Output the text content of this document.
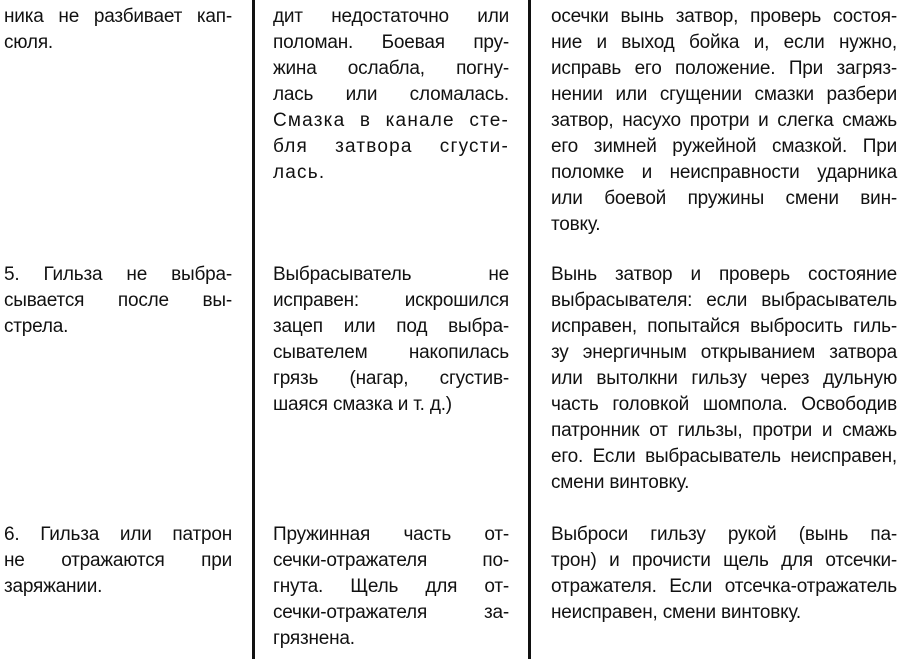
ника не разбивает кап-
сюля.
дит недостаточно или
поломан. Боевая пру-
жина ослабла, погну-
лась или сломалась.
Смазка в канале сте-
бля затвора сгусти-
лась.
осечки вынь затвор, проверь состоя-
ние и выход бойка и, если нужно,
исправь его положение. При загряз-
нении или сгущении смазки разбери
затвор, насухо протри и слегка смажь
его зимней ружейной смазкой. При
поломке и неисправности ударника
или боевой пружины смени вин-
товку.
5. Гильза не выбра-
сывается после вы-
стрела.
Выбрасыватель не
исправен: искрошился
зацеп или под выбра-
сывателем накопилась
грязь (нагар, сгустив-
шаяся смазка и т. д.)
Вынь затвор и проверь состояние
выбрасывателя: если выбрасыватель
исправен, попытайся выбросить гиль-
зу энергичным открыванием затвора
или вытолкни гильзу через дульную
часть головкой шомпола. Освободив
патронник от гильзы, протри и смажь
его. Если выбрасыватель неисправен,
смени винтовку.
6. Гильза или патрон
не отражаются при
заряжании.
Пружинная часть от-
сечки-отражателя по-
гнута. Щель для от-
сечки-отражателя за-
грязнена.
Выброси гильзу рукой (вынь па-
трон) и прочисти щель для отсечки-
отражателя. Если отсечка-отражатель
неисправен, смени винтовку.
